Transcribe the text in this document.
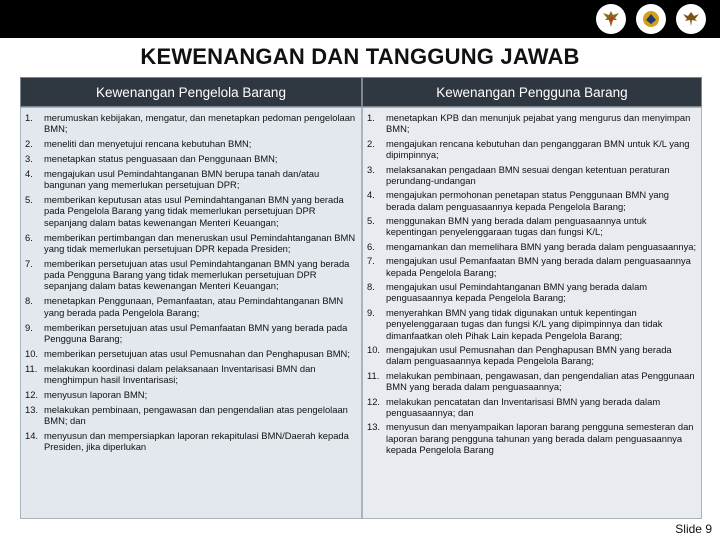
KEWENANGAN DAN TANGGUNG JAWAB
Kewenangan Pengelola Barang
1.	merumuskan kebijakan, mengatur, dan menetapkan pedoman pengelolaan BMN;
2.	meneliti dan menyetujui rencana kebutuhan BMN;
3.	menetapkan status penguasaan dan Penggunaan BMN;
4.	mengajukan usul Pemindahtanganan BMN berupa tanah dan/atau bangunan yang memerlukan persetujuan DPR;
5.	memberikan keputusan atas usul Pemindahtanganan BMN yang berada pada Pengelola Barang yang tidak memerlukan persetujuan DPR sepanjang dalam batas kewenangan Menteri Keuangan;
6.	memberikan pertimbangan dan meneruskan usul Pemindahtanganan BMN yang tidak memerlukan persetujuan DPR kepada Presiden;
7.	memberikan persetujuan atas usul Pemindahtanganan BMN yang berada pada Pengguna Barang yang tidak memerlukan persetujuan DPR sepanjang dalam batas kewenangan Menteri Keuangan;
8.	menetapkan Penggunaan, Pemanfaatan, atau Pemindahtanganan BMN yang berada pada Pengelola Barang;
9.	memberikan persetujuan atas usul Pemanfaatan BMN yang berada pada Pengguna Barang;
10. memberikan persetujuan atas usul Pemusnahan dan Penghapusan BMN;
11. melakukan koordinasi dalam pelaksanaan Inventarisasi BMN dan menghimpun hasil Inventarisasi;
12. menyusun laporan BMN;
13. melakukan pembinaan, pengawasan dan pengendalian atas pengelolaan BMN; dan
14. menyusun dan mempersiapkan laporan rekapitulasi BMN/Daerah kepada Presiden, jika diperlukan
Kewenangan Pengguna Barang
1.	menetapkan KPB dan menunjuk pejabat yang mengurus dan menyimpan BMN;
2.	mengajukan rencana kebutuhan dan penganggaran BMN untuk K/L yang dipimpinnya;
3.	melaksanakan pengadaan BMN sesuai dengan ketentuan peraturan perundang-undangan
4.	mengajukan permohonan penetapan status Penggunaan BMN yang berada dalam penguasaannya kepada Pengelola Barang;
5.	menggunakan BMN yang berada dalam penguasaannya untuk kepentingan penyelenggaraan tugas dan fungsi K/L;
6.	mengamankan dan memelihara BMN yang berada dalam penguasaannya;
7.	mengajukan usul Pemanfaatan BMN yang berada dalam penguasaannya kepada Pengelola Barang;
8.	mengajukan usul Pemindahtanganan BMN yang berada dalam penguasaannya kepada Pengelola Barang;
9.	menyerahkan BMN yang tidak digunakan untuk kepentingan penyelenggaraan tugas dan fungsi K/L yang dipimpinnya dan tidak dimanfaatkan oleh Pihak Lain kepada Pengelola Barang;
10. mengajukan usul Pemusnahan dan Penghapusan BMN yang berada dalam penguasaannya kepada Pengelola Barang;
11. melakukan pembinaan, pengawasan, dan pengendalian atas Penggunaan BMN yang berada dalam penguasaannya;
12. melakukan pencatatan dan Inventarisasi BMN yang berada dalam penguasaannya; dan
13. menyusun dan menyampaikan laporan barang pengguna semesteran dan laporan barang pengguna tahunan yang berada dalam penguasaannya kepada Pengelola Barang
Slide 9
